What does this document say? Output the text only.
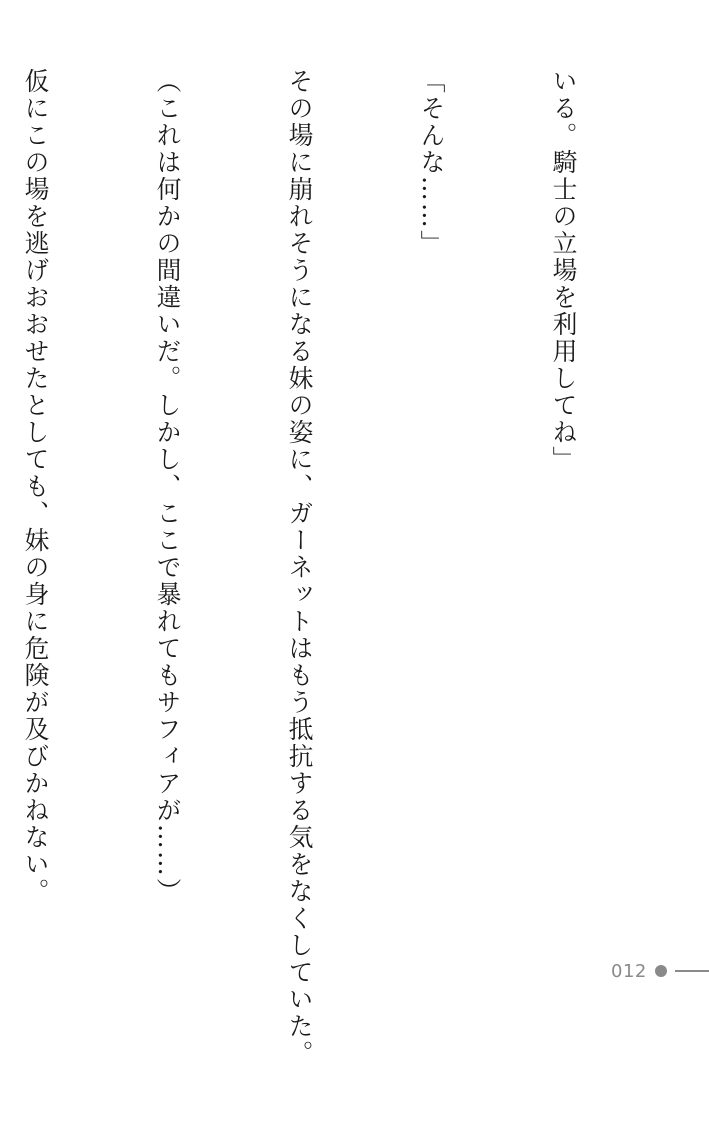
いる。騎士の立場を利用してね」

「そんな……」

その場に崩れそうになる妹の姿に、ガーネットはもう抵抗する気をなくしていた。

（これは何かの間違いだ。しかし、ここで暴れてもサフィアが……）

仮にこの場を逃げおおせたとしても、妹の身に危険が及びかねない。

012
